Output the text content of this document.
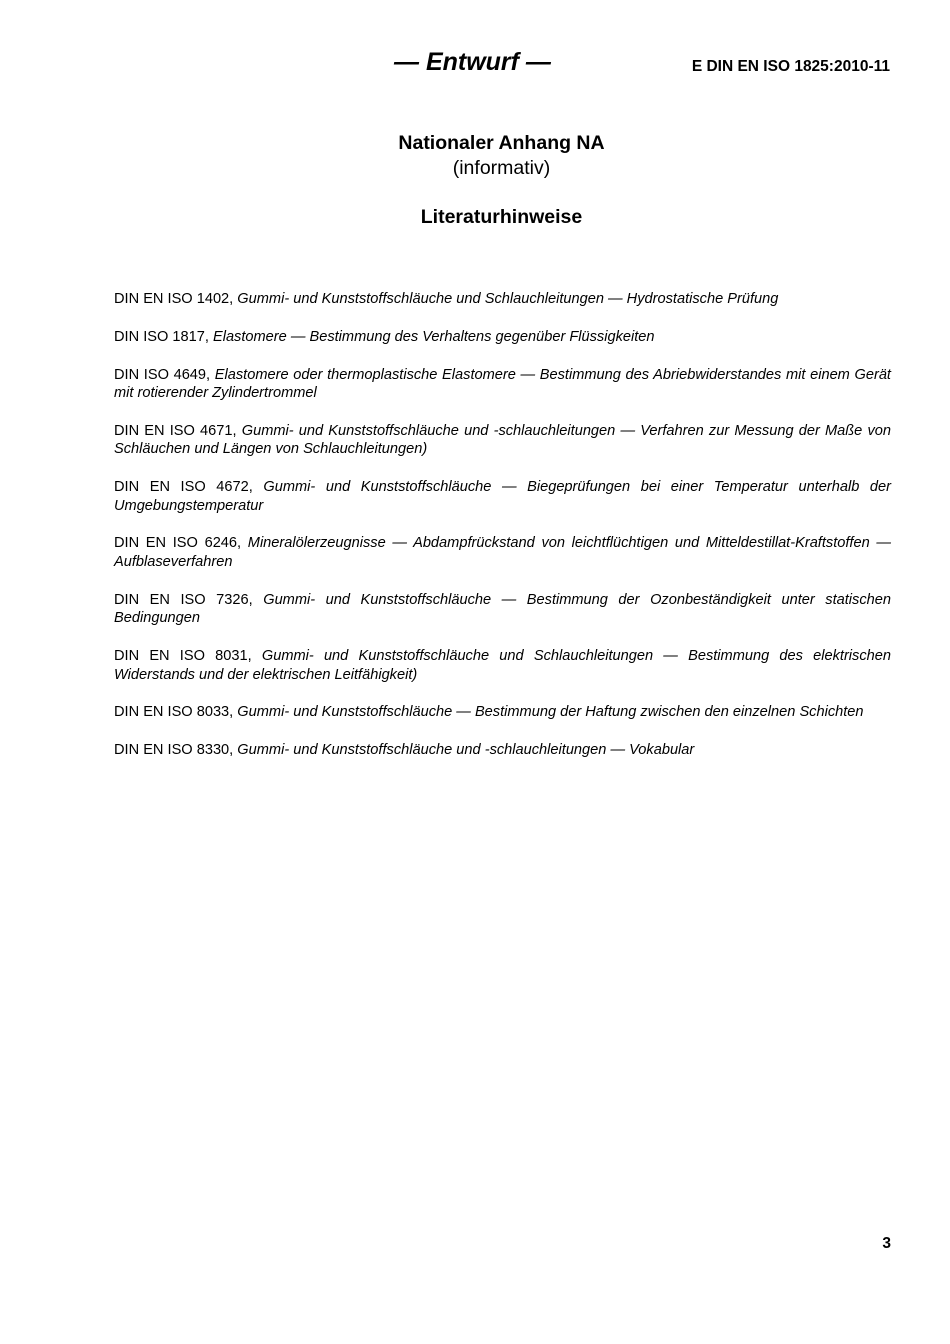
— Entwurf —	E DIN EN ISO 1825:2010-11
Nationaler Anhang NA
(informativ)
Literaturhinweise
DIN EN ISO 1402, Gummi- und Kunststoffschläuche und Schlauchleitungen — Hydrostatische Prüfung
DIN ISO 1817, Elastomere — Bestimmung des Verhaltens gegenüber Flüssigkeiten
DIN ISO 4649, Elastomere oder thermoplastische Elastomere — Bestimmung des Abriebwiderstandes mit einem Gerät mit rotierender Zylindertrommel
DIN EN ISO 4671, Gummi- und Kunststoffschläuche und -schlauchleitungen — Verfahren zur Messung der Maße von Schläuchen und Längen von Schlauchleitungen)
DIN EN ISO 4672, Gummi- und Kunststoffschläuche — Biegeprüfungen bei einer Temperatur unterhalb der Umgebungstemperatur
DIN EN ISO 6246, Mineralölerzeugnisse — Abdampfrückstand von leichtflüchtigen und Mitteldestillat-Kraftstoffen — Aufblaseverfahren
DIN EN ISO 7326, Gummi- und Kunststoffschläuche — Bestimmung der Ozonbeständigkeit unter statischen Bedingungen
DIN EN ISO 8031, Gummi- und Kunststoffschläuche und Schlauchleitungen — Bestimmung des elektrischen Widerstands und der elektrischen Leitfähigkeit)
DIN EN ISO 8033, Gummi- und Kunststoffschläuche — Bestimmung der Haftung zwischen den einzelnen Schichten
DIN EN ISO 8330, Gummi- und Kunststoffschläuche und -schlauchleitungen — Vokabular
3
